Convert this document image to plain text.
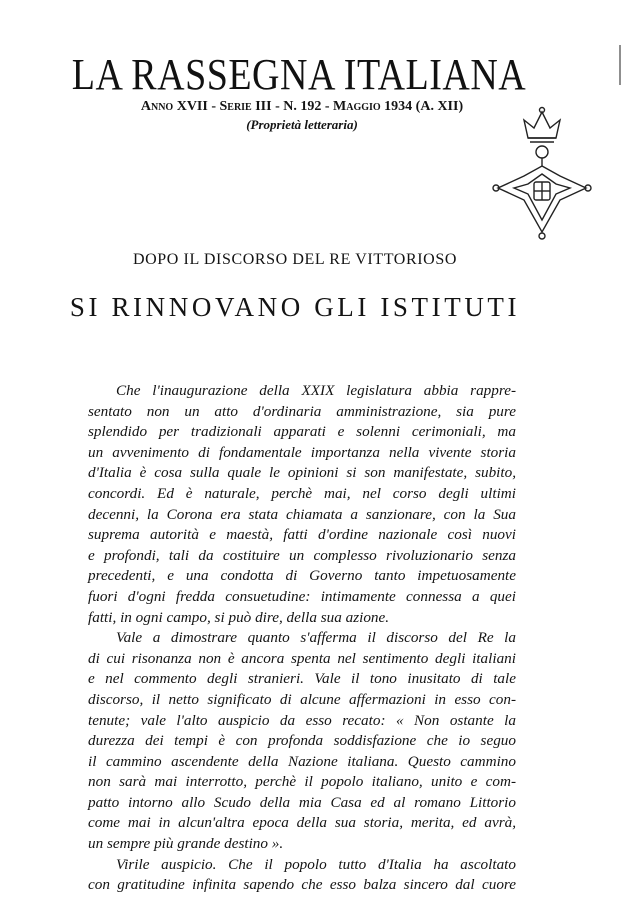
LA RASSEGNA ITALIANA
Anno XVII - Serie III - N. 192 - Maggio 1934 (A. XII)
(Proprietà letteraria)
DOPO IL DISCORSO DEL RE VITTORIOSO
SI RINNOVANO GLI ISTITUTI
Che l'inaugurazione della XXIX legislatura abbia rappre-
sentato non un atto d'ordinaria amministrazione, sia pure
splendido per tradizionali apparati e solenni cerimoniali, ma
un avvenimento di fondamentale importanza nella vivente storia
d'Italia è cosa sulla quale le opinioni si son manifestate, subito,
concordi. Ed è naturale, perchè mai, nel corso degli ultimi
decenni, la Corona era stata chiamata a sanzionare, con la Sua
suprema autorità e maestà, fatti d'ordine nazionale così nuovi
e profondi, tali da costituire un complesso rivoluzionario senza
precedenti, e una condotta di Governo tanto impetuosamente
fuori d'ogni fredda consuetudine: intimamente connessa a quei
fatti, in ogni campo, si può dire, della sua azione.
Vale a dimostrare quanto s'afferma il discorso del Re la
di cui risonanza non è ancora spenta nel sentimento degli italiani
e nel commento degli stranieri. Vale il tono inusitato di tale
discorso, il netto significato di alcune affermazioni in esso con-
tenute; vale l'alto auspicio da esso recato: « Non ostante la
durezza dei tempi è con profonda soddisfazione che io seguo
il cammino ascendente della Nazione italiana. Questo cammino
non sarà mai interrotto, perchè il popolo italiano, unito e com-
patto intorno allo Scudo della mia Casa ed al romano Littorio
come mai in alcun'altra epoca della sua storia, merita, ed avrà,
un sempre più grande destino ».
Virile auspicio. Che il popolo tutto d'Italia ha ascoltato
con gratitudine infinita sapendo che esso balza sincero dal cuore
